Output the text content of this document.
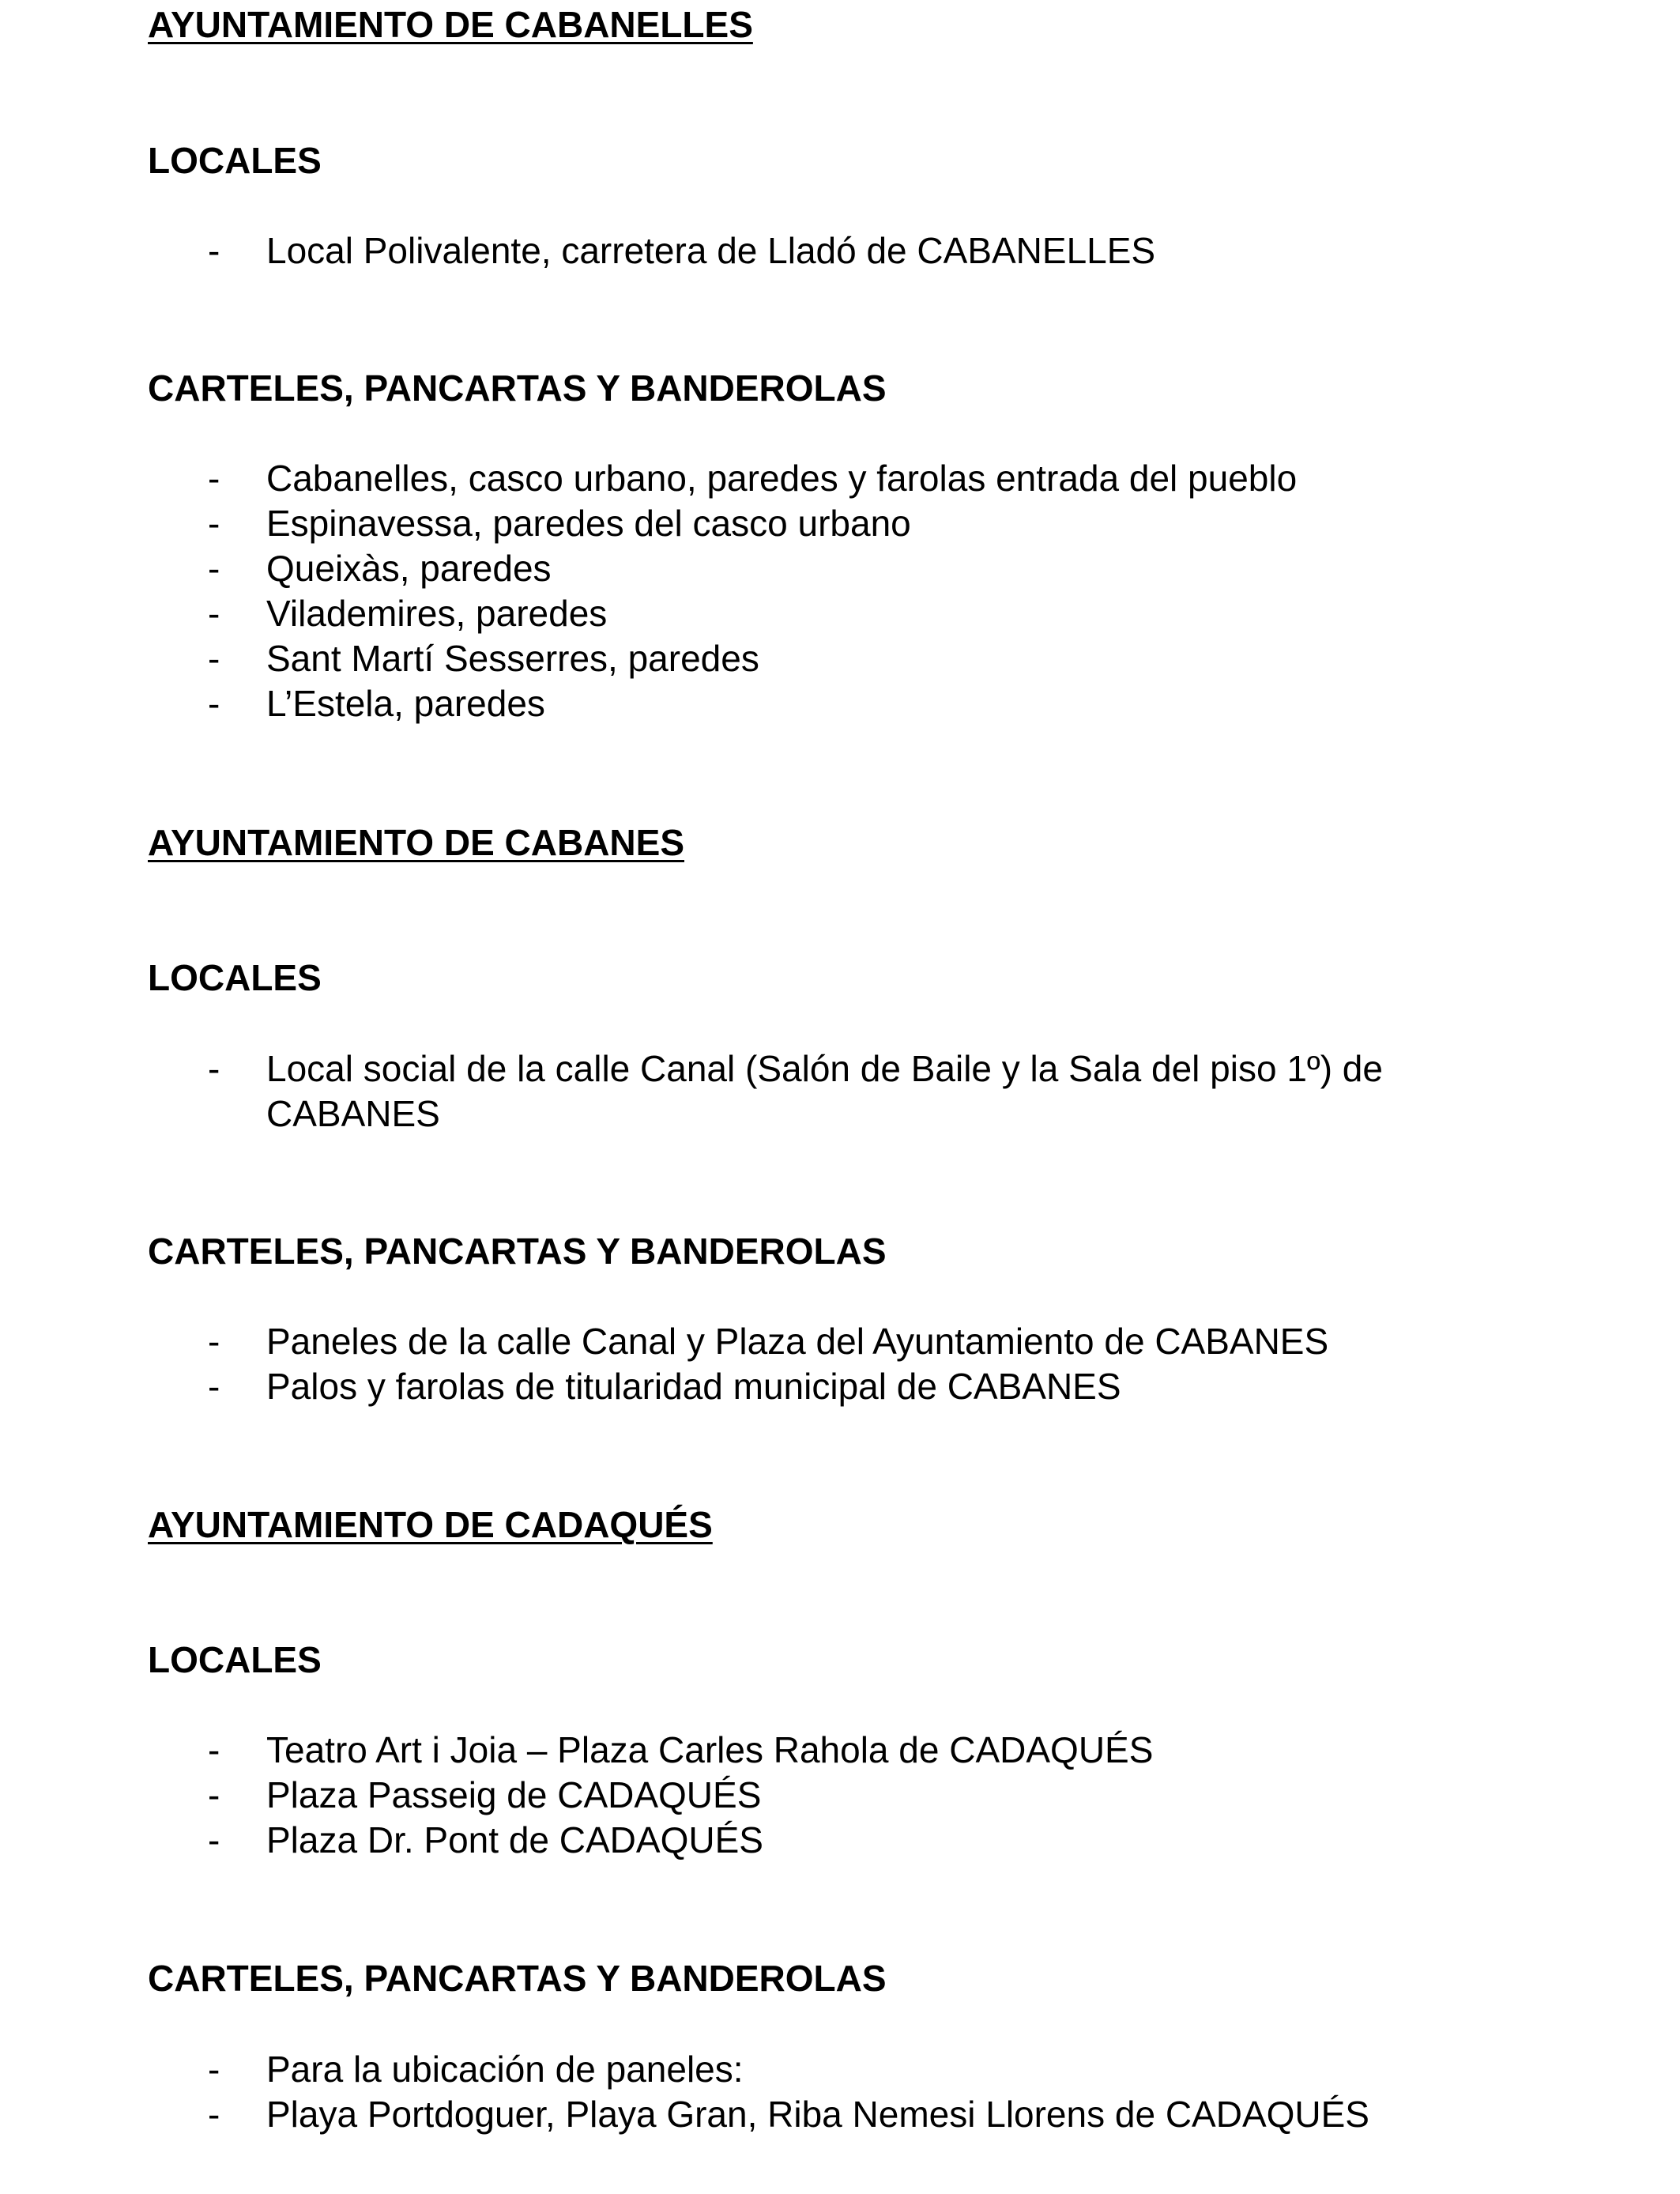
AYUNTAMIENTO DE CABANELLES
LOCALES
- Local Polivalente, carretera de Lladó de CABANELLES
CARTELES, PANCARTAS Y BANDEROLAS
- Cabanelles, casco urbano, paredes y farolas entrada del pueblo
- Espinavessa, paredes del casco urbano
- Queixàs, paredes
- Vilademires, paredes
- Sant Martí Sesserres, paredes
- L’Estela, paredes
AYUNTAMIENTO DE CABANES
LOCALES
- Local social de la calle Canal (Salón de Baile y la Sala del piso 1º) de CABANES
CARTELES, PANCARTAS Y BANDEROLAS
- Paneles de la calle Canal y Plaza del Ayuntamiento de CABANES
- Palos y farolas de titularidad municipal de CABANES
AYUNTAMIENTO DE CADAQUÉS
LOCALES
- Teatro Art i Joia – Plaza Carles Rahola de CADAQUÉS
- Plaza Passeig de CADAQUÉS
- Plaza Dr. Pont de CADAQUÉS
CARTELES, PANCARTAS Y BANDEROLAS
- Para la ubicación de paneles:
- Playa Portdoguer, Playa Gran, Riba Nemesi Llorens de CADAQUÉS
